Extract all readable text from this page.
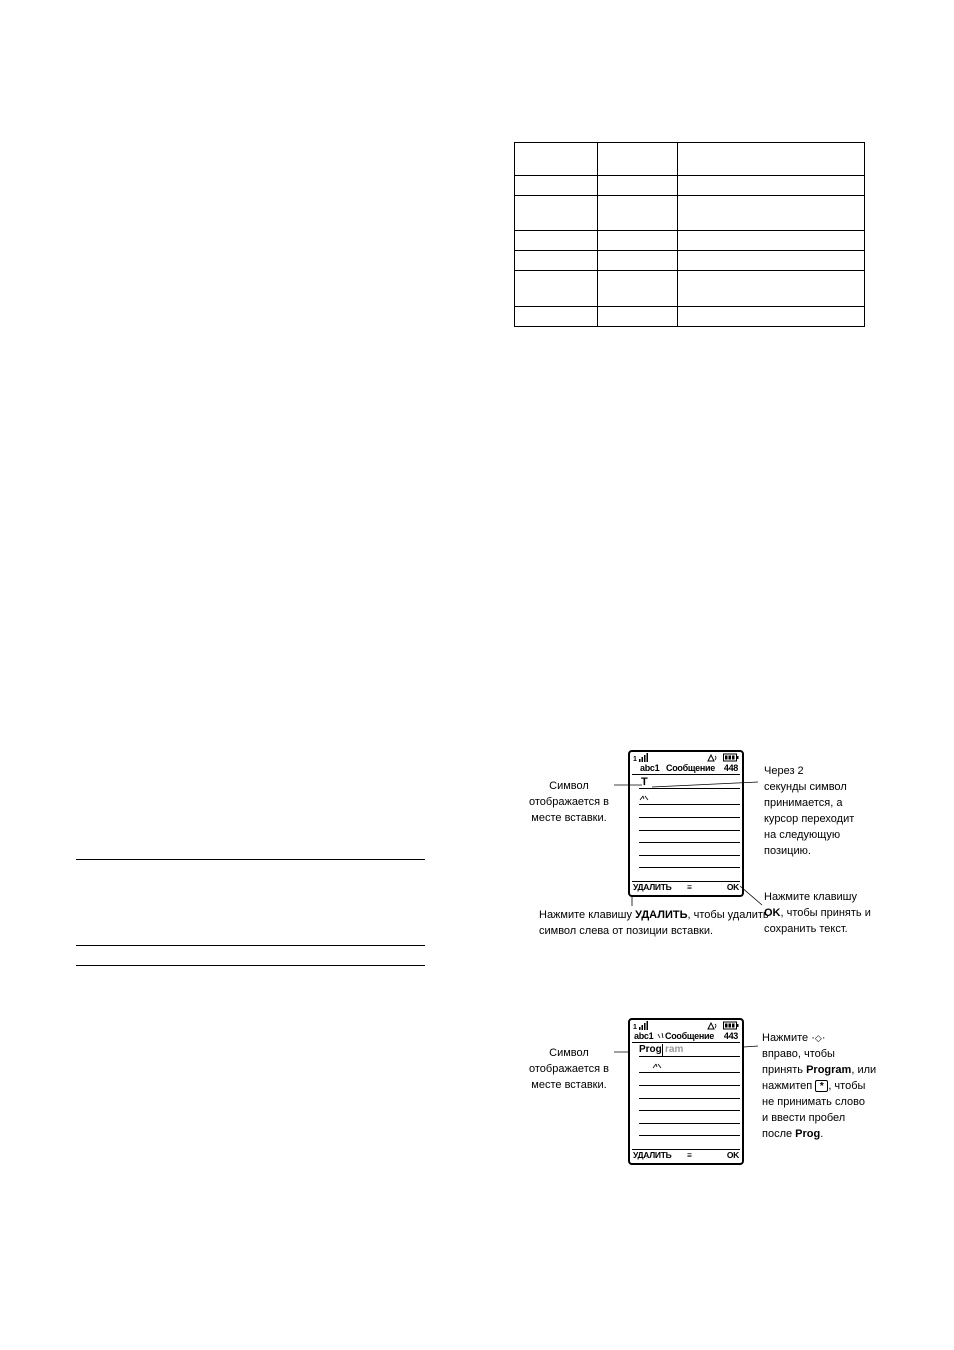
1
abc1 Сообщение 448
T
УДАЛИТЬ ≡	OK
Символ
отображается в
месте вставки.
Через 2
секунды символ
принимается, а
курсор переходит
на следующую
позицию.
Нажмите клавишу
OK, чтобы принять и
сохранить текст.
Нажмите клавишу УДАЛИТЬ, чтобы удалить
символ слева от позиции вставки.
1
abc1 Сообщение 443
Prog ram
УДАЛИТЬ ≡	OK
Символ
отображается в
месте вставки.
Нажмите ·◇·
вправо, чтобы
принять Program, или
нажмитеп * , чтобы
не принимать слово
и ввести пробел
после Prog.
